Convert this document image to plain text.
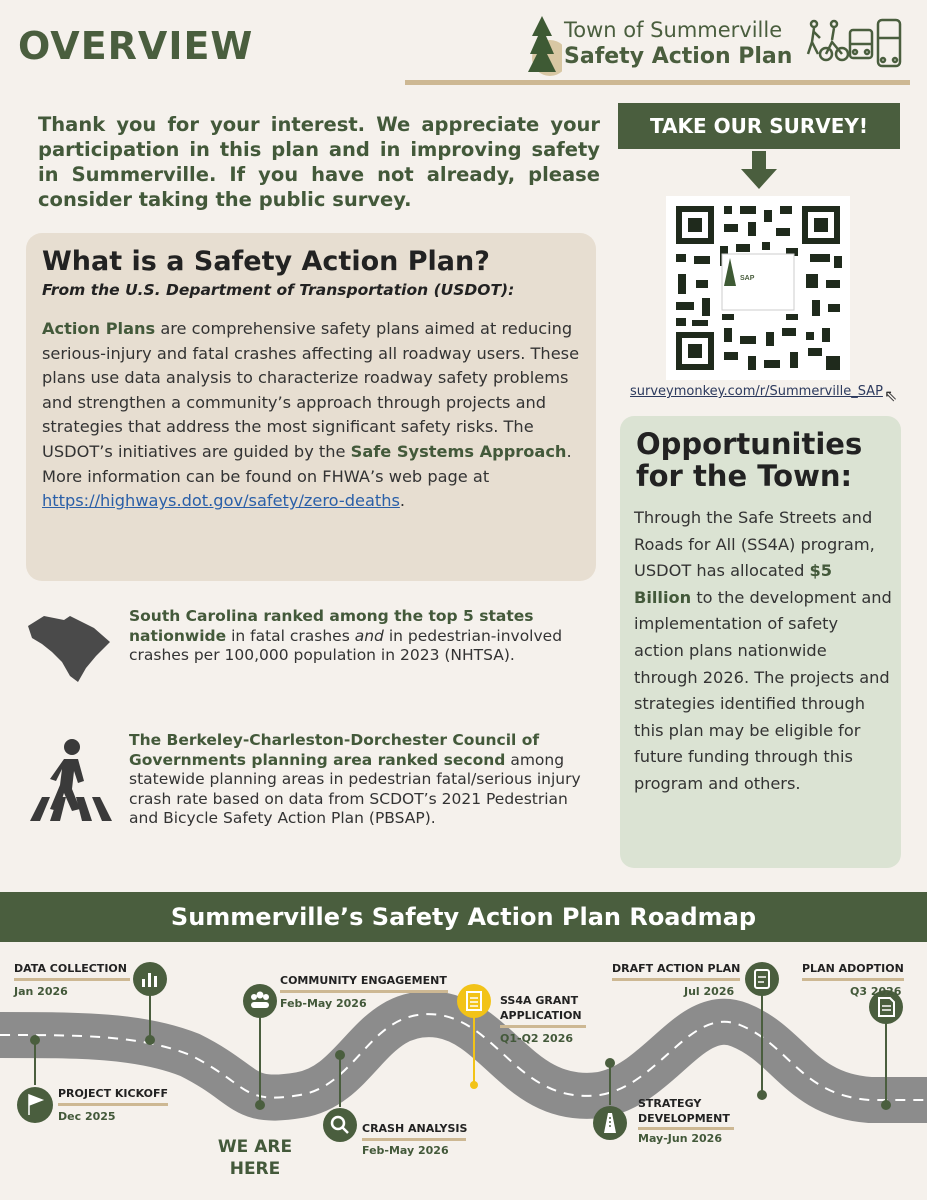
OVERVIEW	Town of Summerville
Safety Action Plan
Thank you for your interest. We appreciate your participation in this plan and in improving safety in Summerville. If you have not already, please consider taking the public survey.
TAKE OUR SURVEY!
SAP
surveymonkey.com/r/Summerville_SAP ⇖
What is a Safety Action Plan?
From the U.S. Department of Transportation (USDOT):
Action Plans are comprehensive safety plans aimed at reducing serious-injury and fatal crashes affecting all roadway users. These plans use data analysis to characterize roadway safety problems and strengthen a community’s approach through projects and strategies that address the most significant safety risks. The USDOT’s initiatives are guided by the Safe Systems Approach. More information can be found on FHWA’s web page at https://highways.dot.gov/safety/zero-deaths.
Opportunities for the Town:
Through the Safe Streets and Roads for All (SS4A) program, USDOT has allocated $5 Billion to the development and implementation of safety action plans nationwide through 2026. The projects and strategies identified through this plan may be eligible for future funding through this program and others.
South Carolina ranked among the top 5 states nationwide in fatal crashes and in pedestrian-involved crashes per 100,000 population in 2023 (NHTSA).
The Berkeley-Charleston-Dorchester Council of Governments planning area ranked second among statewide planning areas in pedestrian fatal/serious injury crash rate based on data from SCDOT’s 2021 Pedestrian and Bicycle Safety Action Plan (PBSAP).
Summerville’s Safety Action Plan Roadmap
DATA COLLECTION
Jan 2026
PROJECT KICKOFF
Dec 2025
COMMUNITY ENGAGEMENT
Feb-May 2026
CRASH ANALYSIS
Feb-May 2026
SS4A GRANT APPLICATION
Q1-Q2 2026
STRATEGY DEVELOPMENT
May-Jun 2026
DRAFT ACTION PLAN
Jul 2026
PLAN ADOPTION
Q3 2026
WE ARE HERE
